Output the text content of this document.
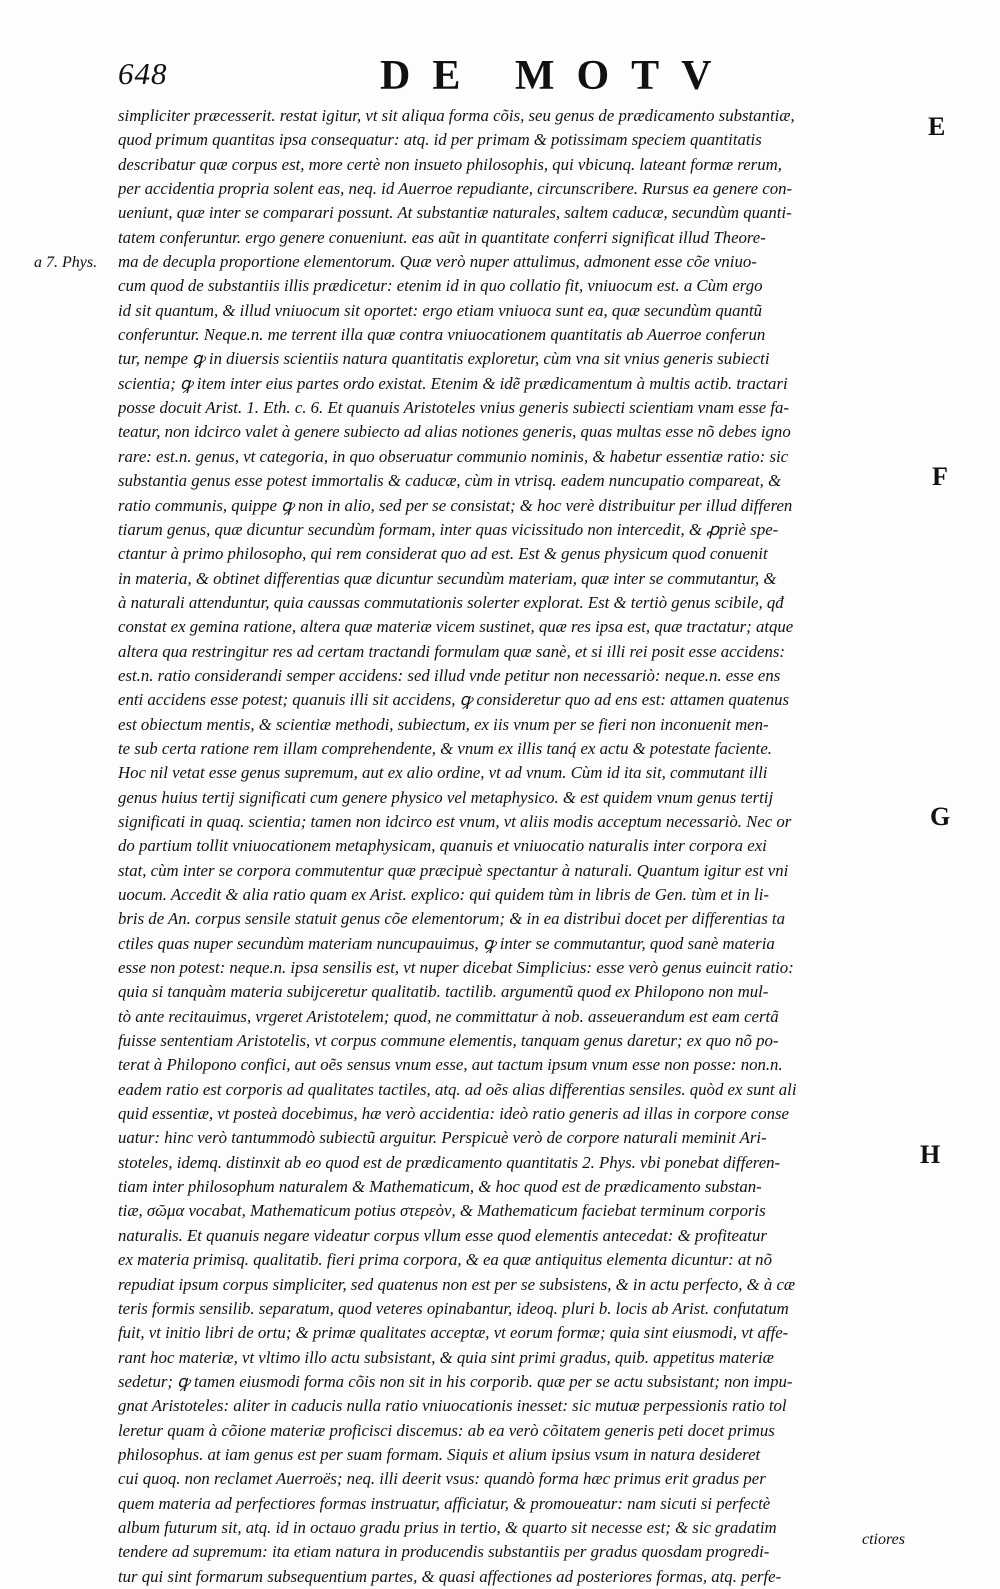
648	DE MOTV
a 7. Phys.
E
F
G
H
simpliciter præcesserit. restat igitur, vt sit aliqua forma cõis, seu genus de prædicamento substantiæ,
quod primum quantitas ipsa consequatur: atq. id per primam & potissimam speciem quantitatis
describatur quæ corpus est, more certè non insueto philosophis, qui vbicunq. lateant formæ rerum,
per accidentia propria solent eas, neq. id Auerroe repudiante, circunscribere. Rursus ea genere con-
ueniunt, quæ inter se comparari possunt. At substantiæ naturales, saltem caducæ, secundùm quanti-
tatem conferuntur. ergo genere conueniunt. eas aũt in quantitate conferri significat illud Theore-
ma de decupla proportione elementorum. Quæ verò nuper attulimus, admonent esse cõe vniuo-
cum quod de substantiis illis prædicetur: etenim id in quo collatio fit, vniuocum est. a Cùm ergo
id sit quantum, & illud vniuocum sit oportet: ergo etiam vniuoca sunt ea, quæ secundùm quantũ
conferuntur. Neque.n. me terrent illa quæ contra vniuocationem quantitatis ab Auerroe conferun
tur, nempe ꝙ in diuersis scientiis natura quantitatis exploretur, cùm vna sit vnius generis subiecti
scientia; ꝙ item inter eius partes ordo existat. Etenim & idẽ prædicamentum à multis actib. tractari
posse docuit Arist. 1. Eth. c. 6. Et quanuis Aristoteles vnius generis subiecti scientiam vnam esse fa-
teatur, non idcirco valet à genere subiecto ad alias notiones generis, quas multas esse nõ debes igno
rare: est.n. genus, vt categoria, in quo obseruatur communio nominis, & habetur essentiæ ratio: sic
substantia genus esse potest immortalis & caducæ, cùm in vtrisq. eadem nuncupatio compareat, &
ratio communis, quippe ꝙ non in alio, sed per se consistat; & hoc verè distribuitur per illud differen
tiarum genus, quæ dicuntur secundùm formam, inter quas vicissitudo non intercedit, & ꝓpriè spe-
ctantur à primo philosopho, qui rem considerat quo ad est. Est & genus physicum quod conuenit
in materia, & obtinet differentias quæ dicuntur secundùm materiam, quæ inter se commutantur, &
à naturali attenduntur, quia caussas commutationis solerter explorat. Est & tertiò genus scibile, qđ
constat ex gemina ratione, altera quæ materiæ vicem sustinet, quæ res ipsa est, quæ tractatur; atque
altera qua restringitur res ad certam tractandi formulam quæ sanè, et si illi rei posit esse accidens:
est.n. ratio considerandi semper accidens: sed illud vnde petitur non necessariò: neque.n. esse ens
enti accidens esse potest; quanuis illi sit accidens, ꝙ consideretur quo ad ens est: attamen quatenus
est obiectum mentis, & scientiæ methodi, subiectum, ex iis vnum per se fieri non inconuenit men-
te sub certa ratione rem illam comprehendente, & vnum ex illis tanq́ ex actu & potestate faciente.
Hoc nil vetat esse genus supremum, aut ex alio ordine, vt ad vnum. Cùm id ita sit, commutant illi
genus huius tertij significati cum genere physico vel metaphysico. & est quidem vnum genus tertij
significati in quaq. scientia; tamen non idcirco est vnum, vt aliis modis acceptum necessariò. Nec or
do partium tollit vniuocationem metaphysicam, quanuis et vniuocatio naturalis inter corpora exi
stat, cùm inter se corpora commutentur quæ præcipuè spectantur à naturali. Quantum igitur est vni
uocum. Accedit & alia ratio quam ex Arist. explico: qui quidem tùm in libris de Gen. tùm et in li-
bris de An. corpus sensile statuit genus cõe elementorum; & in ea distribui docet per differentias ta
ctiles quas nuper secundùm materiam nuncupauimus, ꝙ inter se commutantur, quod sanè materia
esse non potest: neque.n. ipsa sensilis est, vt nuper dicebat Simplicius: esse verò genus euincit ratio:
quia si tanquàm materia subijceretur qualitatib. tactilib. argumentũ quod ex Philopono non mul-
tò ante recitauimus, vrgeret Aristotelem; quod, ne committatur à nob. asseuerandum est eam certã
fuisse sententiam Aristotelis, vt corpus commune elementis, tanquam genus daretur; ex quo nõ po-
terat à Philopono confici, aut oẽs sensus vnum esse, aut tactum ipsum vnum esse non posse: non.n.
eadem ratio est corporis ad qualitates tactiles, atq. ad oẽs alias differentias sensiles. quòd ex sunt ali
quid essentiæ, vt posteà docebimus, hæ verò accidentia: ideò ratio generis ad illas in corpore conse
uatur: hinc verò tantummodò subiectũ arguitur. Perspicuè verò de corpore naturali meminit Ari-
stoteles, idemq. distinxit ab eo quod est de prædicamento quantitatis 2. Phys. vbi ponebat differen-
tiam inter philosophum naturalem & Mathematicum, & hoc quod est de prædicamento substan-
tiæ, σῶμα vocabat, Mathematicum potius στερεὸν, & Mathematicum faciebat terminum corporis
naturalis. Et quanuis negare videatur corpus vllum esse quod elementis antecedat: & profiteatur
ex materia primisq. qualitatib. fieri prima corpora, & ea quæ antiquitus elementa dicuntur: at nõ
repudiat ipsum corpus simpliciter, sed quatenus non est per se subsistens, & in actu perfecto, & à cæ
teris formis sensilib. separatum, quod veteres opinabantur, ideoq. pluri b. locis ab Arist. confutatum
fuit, vt initio libri de ortu; & primæ qualitates acceptæ, vt eorum formæ; quia sint eiusmodi, vt affe-
rant hoc materiæ, vt vltimo illo actu subsistant, & quia sint primi gradus, quib. appetitus materiæ
sedetur; ꝙ tamen eiusmodi forma cõis non sit in his corporib. quæ per se actu subsistant; non impu-
gnat Aristoteles: aliter in caducis nulla ratio vniuocationis inesset: sic mutuæ perpessionis ratio tol
leretur quam à cõione materiæ proficisci discemus: ab ea verò cõitatem generis peti docet primus
philosophus. at iam genus est per suam formam. Siquis et alium ipsius vsum in natura desideret
cui quoq. non reclamet Auerroës; neq. illi deerit vsus: quandò forma hæc primus erit gradus per
quem materia ad perfectiores formas instruatur, afficiatur, & promoueatur: nam sicuti si perfectè
album futurum sit, atq. id in octauo gradu prius in tertio, & quarto sit necesse est; & sic gradatim
tendere ad supremum: ita etiam natura in producendis substantiis per gradus quosdam progredi-
tur qui sint formarum subsequentium partes, & quasi affectiones ad posteriores formas, atq. perfe-
ctiores
